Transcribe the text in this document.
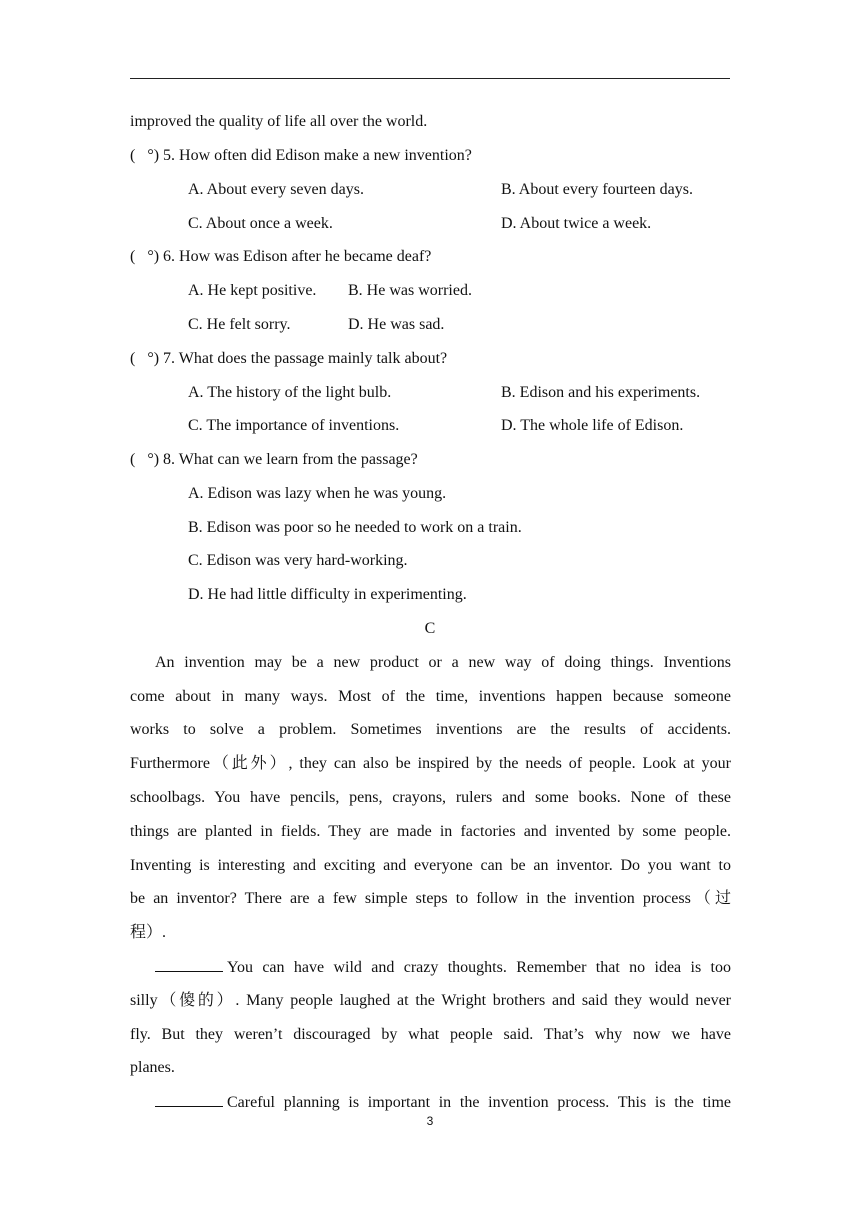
improved the quality of life all over the world.
(   °) 5. How often did Edison make a new invention?
A. About every seven days.	B. About every fourteen days.
C. About once a week.	D. About twice a week.
(   °) 6. How was Edison after he became deaf?
A. He kept positive. B. He was worried.
C. He felt sorry.	D. He was sad.
(   °) 7. What does the passage mainly talk about?
A. The history of the light bulb.	B. Edison and his experiments.
C. The importance of inventions.	D. The whole life of Edison.
(   °) 8. What can we learn from the passage?
A. Edison was lazy when he was young.
B. Edison was poor so he needed to work on a train.
C. Edison was very hard-working.
D. He had little difficulty in experimenting.
C
An invention may be a new product or a new way of doing things. Inventions
come about in many ways. Most of the time, inventions happen because someone
works to solve a problem. Sometimes inventions are the results of accidents.
Furthermore（此外）, they can also be inspired by the needs of people. Look at your
schoolbags. You have pencils, pens, crayons, rulers and some books. None of these
things are planted in fields. They are made in factories and invented by some people.
Inventing is interesting and exciting and everyone can be an inventor. Do you want to
be an inventor? There are a few simple steps to follow in the invention process（过
程）.
You can have wild and crazy thoughts. Remember that no idea is too
silly（傻的）. Many people laughed at the Wright brothers and said they would never
fly. But they weren’t discouraged by what people said. That’s why now we have
planes.
Careful planning is important in the invention process. This is the time
3
